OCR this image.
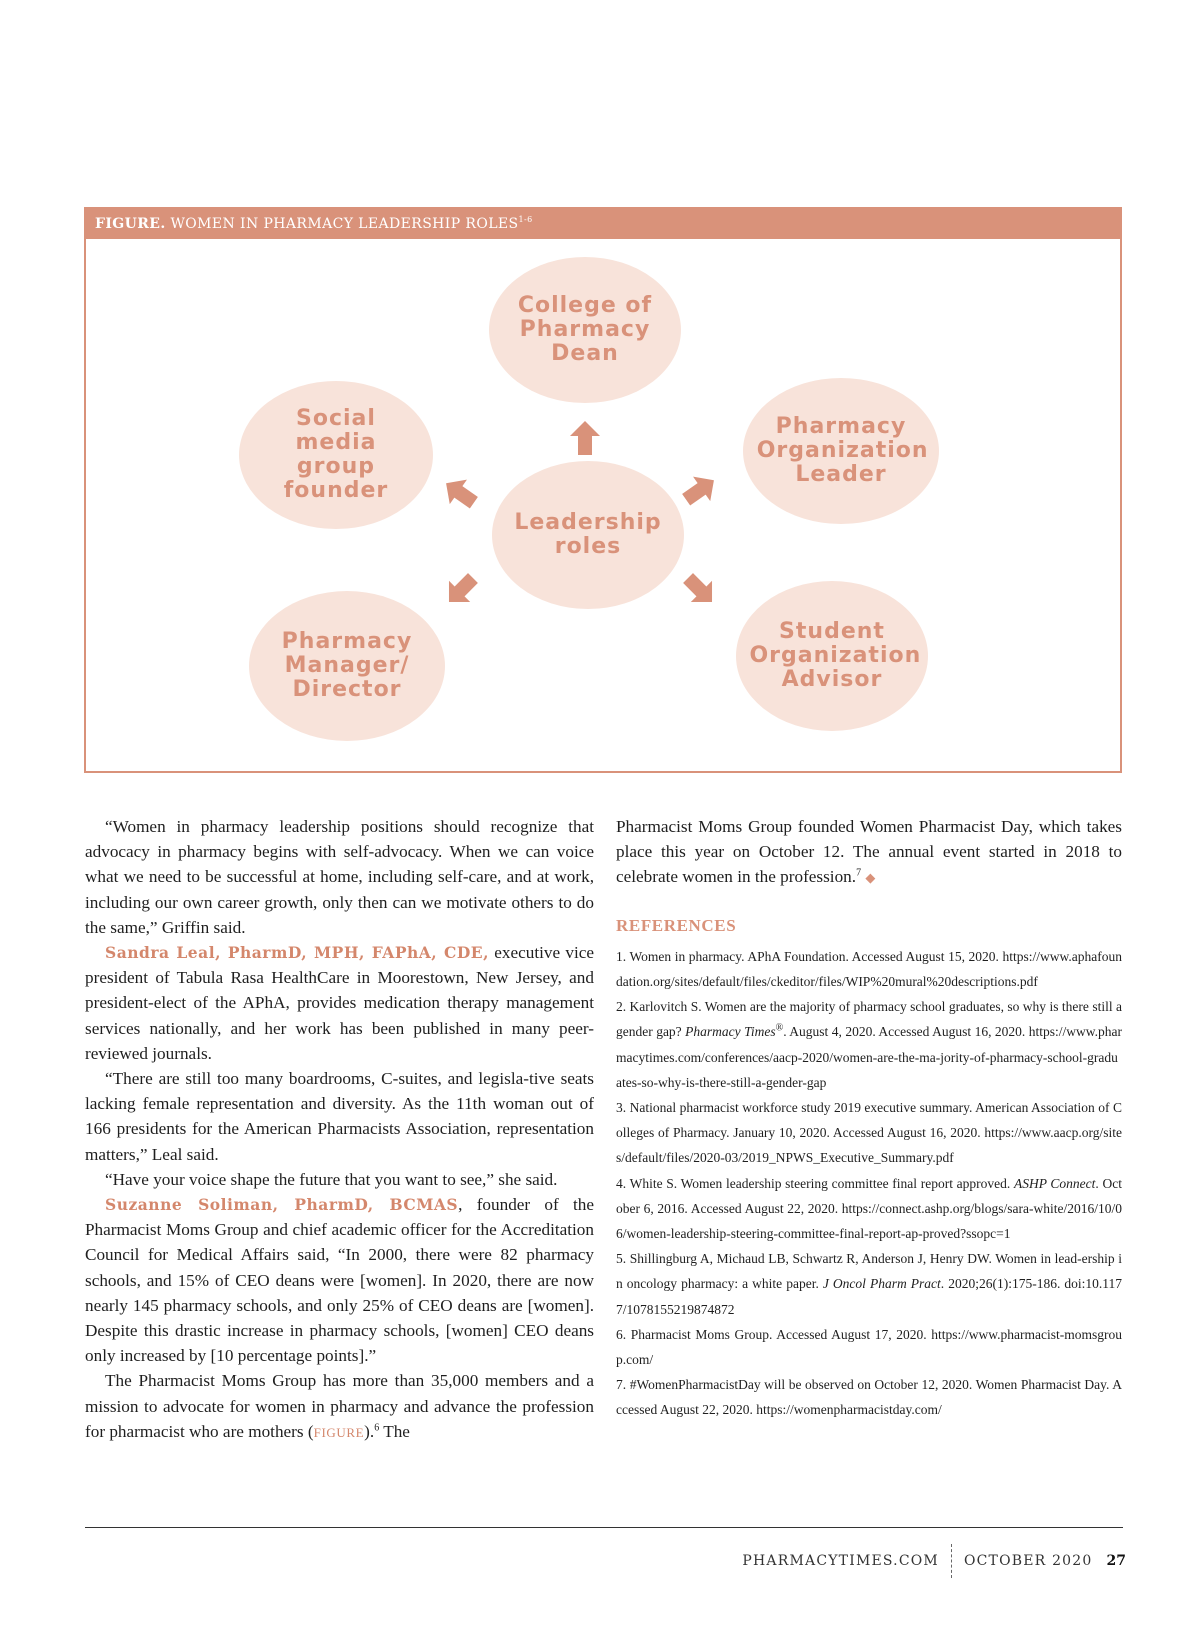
FIGURE. WOMEN IN PHARMACY LEADERSHIP ROLES$^{1-6}$
College of Pharmacy Dean
Social media group founder
Pharmacy Organization Leader
Leadership roles
Pharmacy Manager/ Director
Student Organization Advisor

“Women in pharmacy leadership positions should recognize that advocacy in pharmacy begins with self-advocacy. When we can voice what we need to be successful at home, including self-care, and at work, including our own career growth, only then can we motivate others to do the same,” Griffin said.

Sandra Leal, PharmD, MPH, FAPhA, CDE, executive vice president of Tabula Rasa HealthCare in Moorestown, New Jersey, and president-elect of the APhA, provides medication therapy management services nationally, and her work has been published in many peer-reviewed journals.

“There are still too many boardrooms, C-suites, and legisla-tive seats lacking female representation and diversity. As the 11th woman out of 166 presidents for the American Pharmacists Association, representation matters,” Leal said.

“Have your voice shape the future that you want to see,” she said.

Suzanne Soliman, PharmD, BCMAS, founder of the Pharmacist Moms Group and chief academic officer for the Accreditation Council for Medical Affairs said, “In 2000, there were 82 pharmacy schools, and 15% of CEO deans were [women]. In 2020, there are now nearly 145 pharmacy schools, and only 25% of CEO deans are [women]. Despite this drastic increase in pharmacy schools, [women] CEO deans only increased by [10 percentage points].”

The Pharmacist Moms Group has more than 35,000 members and a mission to advocate for women in pharmacy and advance the profession for pharmacist who are mothers (FIGURE).$^6$ The

Pharmacist Moms Group founded Women Pharmacist Day, which takes place this year on October 12. The annual event started in 2018 to celebrate women in the profession.$^7$ ◆

REFERENCES
1. Women in pharmacy. APhA Foundation. Accessed August 15, 2020. https://www.aphafoundation.org/sites/default/files/ckeditor/files/WIP%20mural%20descriptions.pdf
2. Karlovitch S. Women are the majority of pharmacy school graduates, so why is there still a gender gap? Pharmacy Times®. August 4, 2020. Accessed August 16, 2020. https://www.pharmacytimes.com/conferences/aacp-2020/women-are-the-ma-jority-of-pharmacy-school-graduates-so-why-is-there-still-a-gender-gap
3. National pharmacist workforce study 2019 executive summary. American Association of Colleges of Pharmacy. January 10, 2020. Accessed August 16, 2020. https://www.aacp.org/sites/default/files/2020-03/2019_NPWS_Executive_Summary.pdf
4. White S. Women leadership steering committee final report approved. ASHP Connect. October 6, 2016. Accessed August 22, 2020. https://connect.ashp.org/blogs/sara-white/2016/10/06/women-leadership-steering-committee-final-report-ap-proved?ssopc=1
5. Shillingburg A, Michaud LB, Schwartz R, Anderson J, Henry DW. Women in lead-ership in oncology pharmacy: a white paper. J Oncol Pharm Pract. 2020;26(1):175-186. doi:10.1177/1078155219874872
6. Pharmacist Moms Group. Accessed August 17, 2020. https://www.pharmacist-momsgroup.com/
7. #WomenPharmacistDay will be observed on October 12, 2020. Women Pharmacist Day. Accessed August 22, 2020. https://womenpharmacistday.com/
PHARMACYTIMES.COM OCTOBER 2020 27
